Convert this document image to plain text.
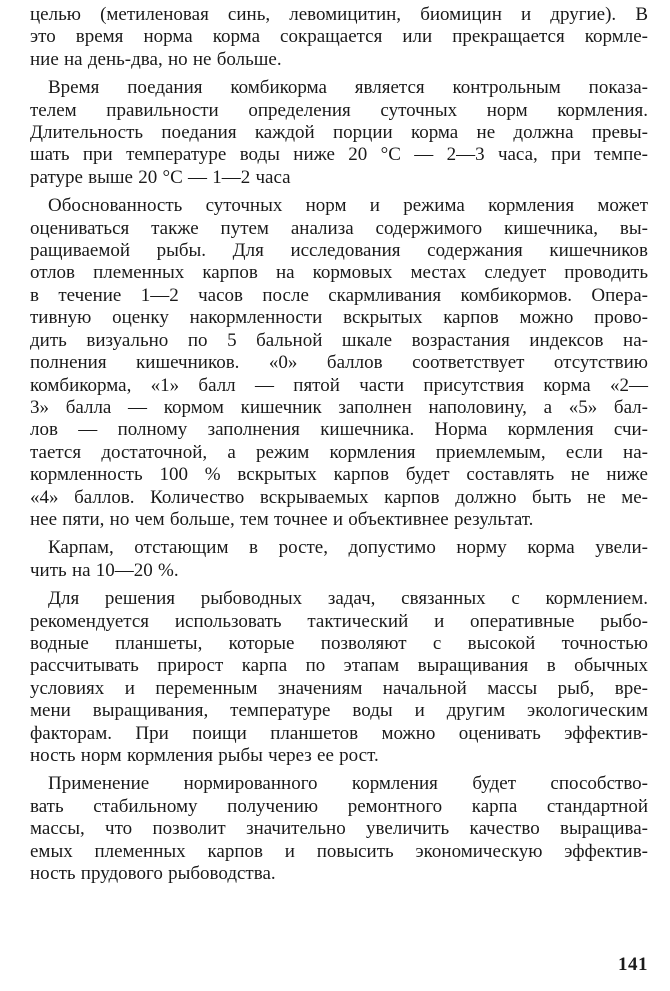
целью (метиленовая синь, левомицитин, биомицин и другие). В
это время норма корма сокращается или прекращается кормле-
ние на день-два, но не больше.

Время поедания комбикорма является контрольным показа-
телем правильности определения суточных норм кормления.
Длительность поедания каждой порции корма не должна превы-
шать при температуре воды ниже 20 °С — 2—3 часа, при темпе-
ратуре выше 20 °С — 1—2 часа

Обоснованность суточных норм и режима кормления может
оцениваться также путем анализа содержимого кишечника, вы-
ращиваемой рыбы. Для исследования содержания кишечников
отлов племенных карпов на кормовых местах следует проводить
в течение 1—2 часов после скармливания комбикормов. Опера-
тивную оценку накормленности вскрытых карпов можно прово-
дить визуально по 5 бальной шкале возрастания индексов на-
полнения кишечников. «0» баллов соответствует отсутствию
комбикорма, «1» балл — пятой части присутствия корма «2—
3» балла — кормом кишечник заполнен наполовину, а «5» бал-
лов — полному заполнения кишечника. Норма кормления счи-
тается достаточной, а режим кормления приемлемым, если на-
кормленность 100 % вскрытых карпов будет составлять не ниже
«4» баллов. Количество вскрываемых карпов должно быть не ме-
нее пяти, но чем больше, тем точнее и объективнее результат.

Карпам, отстающим в росте, допустимо норму корма увели-
чить на 10—20 %.

Для решения рыбоводных задач, связанных с кормлением.
рекомендуется использовать тактический и оперативные рыбо-
водные планшеты, которые позволяют с высокой точностью
рассчитывать прирост карпа по этапам выращивания в обычных
условиях и переменным значениям начальной массы рыб, вре-
мени выращивания, температуре воды и другим экологическим
факторам. При поищи планшетов можно оценивать эффектив-
ность норм кормления рыбы через ее рост.

Применение нормированного кормления будет способство-
вать стабильному получению ремонтного карпа стандартной
массы, что позволит значительно увеличить качество выращива-
емых племенных карпов и повысить экономическую эффектив-
ность прудового рыбоводства.

141
